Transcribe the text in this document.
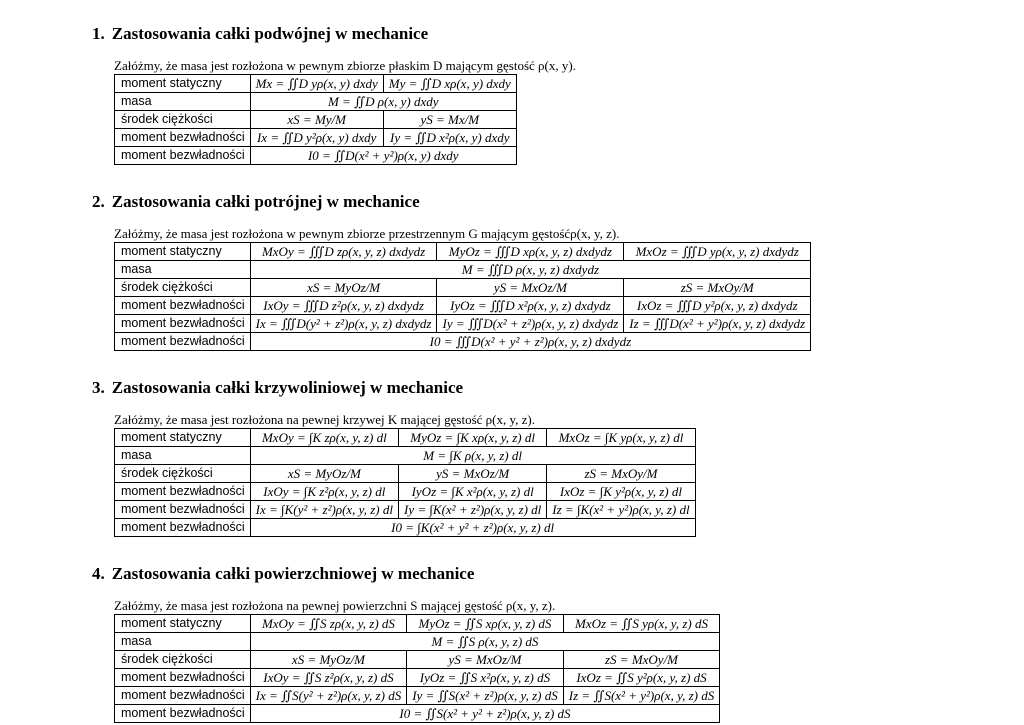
1. Zastosowania całki podwójnej w mechanice
Załóżmy, że masa jest rozłożona w pewnym zbiorze płaskim D mającym gęstość ρ(x, y).
moment statyczny	Mx = ∬D yρ(x, y) dxdy	My = ∬D xρ(x, y) dxdy
masa	M = ∬D ρ(x, y) dxdy	
środek ciężkości	xS = My/M	yS = Mx/M
moment bezwładności	Ix = ∬D y²ρ(x, y) dxdy	Iy = ∬D x²ρ(x, y) dxdy
moment bezwładności	I0 = ∬D(x² + y²)ρ(x, y) dxdy	
2. Zastosowania całki potrójnej w mechanice
Załóżmy, że masa jest rozłożona w pewnym zbiorze przestrzennym G mającym gęstośćρ(x, y, z).
moment statyczny	MxOy = ∭D zρ(x, y, z) dxdydz	MyOz = ∭D xρ(x, y, z) dxdydz	MxOz = ∭D yρ(x, y, z) dxdydz
masa	M = ∭D ρ(x, y, z) dxdydz		
środek ciężkości	xS = MyOz/M	yS = MxOz/M	zS = MxOy/M
moment bezwładności	IxOy = ∭D z²ρ(x, y, z) dxdydz	IyOz = ∭D x²ρ(x, y, z) dxdydz	IxOz = ∭D y²ρ(x, y, z) dxdydz
moment bezwładności	Ix = ∭D(y² + z²)ρ(x, y, z) dxdydz	Iy = ∭D(x² + z²)ρ(x, y, z) dxdydz	Iz = ∭D(x² + y²)ρ(x, y, z) dxdydz
moment bezwładności	I0 = ∭D(x² + y² + z²)ρ(x, y, z) dxdydz		
3. Zastosowania całki krzywoliniowej w mechanice
Załóżmy, że masa jest rozłożona na pewnej krzywej K mającej gęstość ρ(x, y, z).
moment statyczny	MxOy = ∫K zρ(x, y, z) dl	MyOz = ∫K xρ(x, y, z) dl	MxOz = ∫K yρ(x, y, z) dl
masa	M = ∫K ρ(x, y, z) dl		
środek ciężkości	xS = MyOz/M	yS = MxOz/M	zS = MxOy/M
moment bezwładności	IxOy = ∫K z²ρ(x, y, z) dl	IyOz = ∫K x²ρ(x, y, z) dl	IxOz = ∫K y²ρ(x, y, z) dl
moment bezwładności	Ix = ∫K(y² + z²)ρ(x, y, z) dl	Iy = ∫K(x² + z²)ρ(x, y, z) dl	Iz = ∫K(x² + y²)ρ(x, y, z) dl
moment bezwładności	I0 = ∫K(x² + y² + z²)ρ(x, y, z) dl		
4. Zastosowania całki powierzchniowej w mechanice
Załóżmy, że masa jest rozłożona na pewnej powierzchni S mającej gęstość ρ(x, y, z).
moment statyczny	MxOy = ∬S zρ(x, y, z) dS	MyOz = ∬S xρ(x, y, z) dS	MxOz = ∬S yρ(x, y, z) dS
masa	M = ∬S ρ(x, y, z) dS		
środek ciężkości	xS = MyOz/M	yS = MxOz/M	zS = MxOy/M
moment bezwładności	IxOy = ∬S z²ρ(x, y, z) dS	IyOz = ∬S x²ρ(x, y, z) dS	IxOz = ∬S y²ρ(x, y, z) dS
moment bezwładności	Ix = ∬S(y² + z²)ρ(x, y, z) dS	Iy = ∬S(x² + z²)ρ(x, y, z) dS	Iz = ∬S(x² + y²)ρ(x, y, z) dS
moment bezwładności	I0 = ∬S(x² + y² + z²)ρ(x, y, z) dS		
